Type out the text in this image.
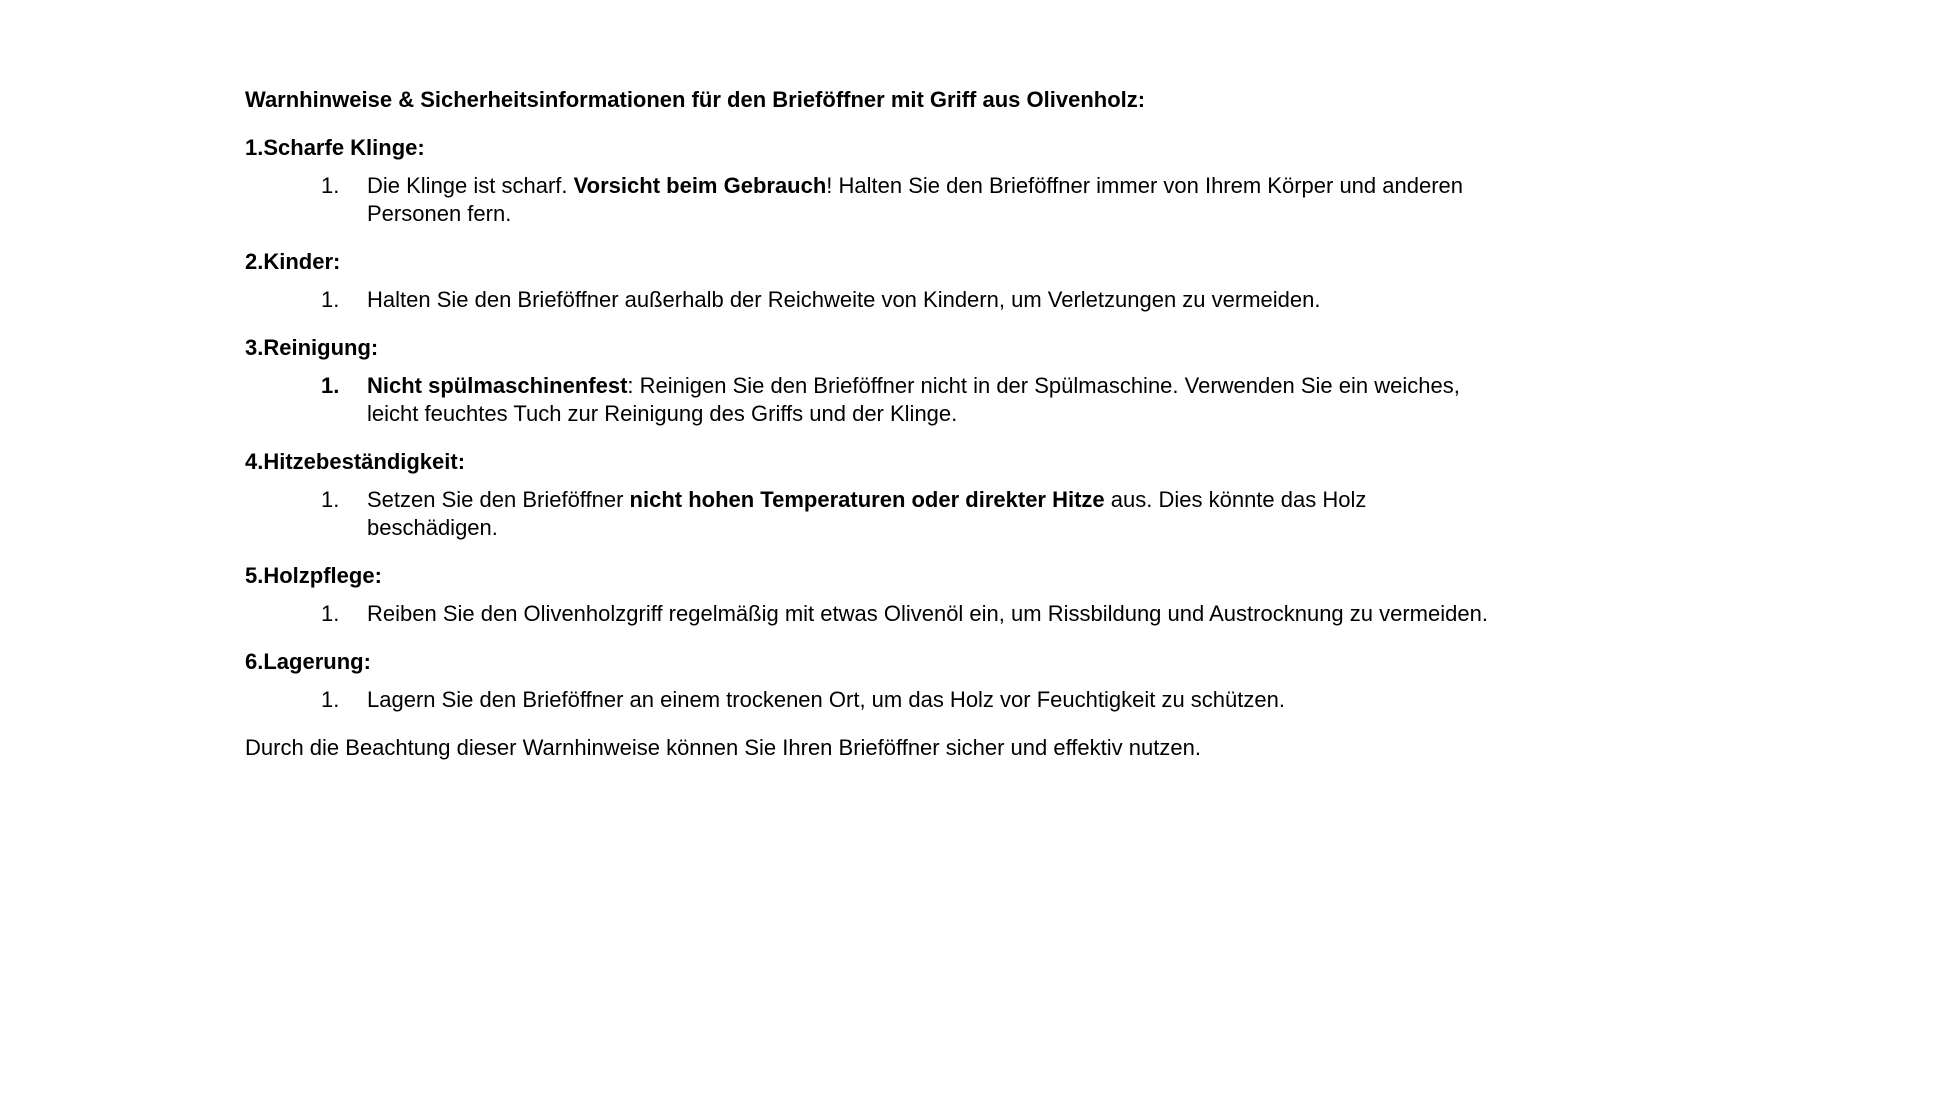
Warnhinweise & Sicherheitsinformationen für den Brieföffner mit Griff aus Olivenholz:
1.Scharfe Klinge:
1. Die Klinge ist scharf. Vorsicht beim Gebrauch! Halten Sie den Brieföffner immer von Ihrem Körper und anderen Personen fern.
2.Kinder:
1. Halten Sie den Brieföffner außerhalb der Reichweite von Kindern, um Verletzungen zu vermeiden.
3.Reinigung:
1. Nicht spülmaschinenfest: Reinigen Sie den Brieföffner nicht in der Spülmaschine. Verwenden Sie ein weiches, leicht feuchtes Tuch zur Reinigung des Griffs und der Klinge.
4.Hitzebeständigkeit:
1. Setzen Sie den Brieföffner nicht hohen Temperaturen oder direkter Hitze aus. Dies könnte das Holz beschädigen.
5.Holzpflege:
1. Reiben Sie den Olivenholzgriff regelmäßig mit etwas Olivenöl ein, um Rissbildung und Austrocknung zu vermeiden.
6.Lagerung:
1. Lagern Sie den Brieföffner an einem trockenen Ort, um das Holz vor Feuchtigkeit zu schützen.
Durch die Beachtung dieser Warnhinweise können Sie Ihren Brieföffner sicher und effektiv nutzen.
